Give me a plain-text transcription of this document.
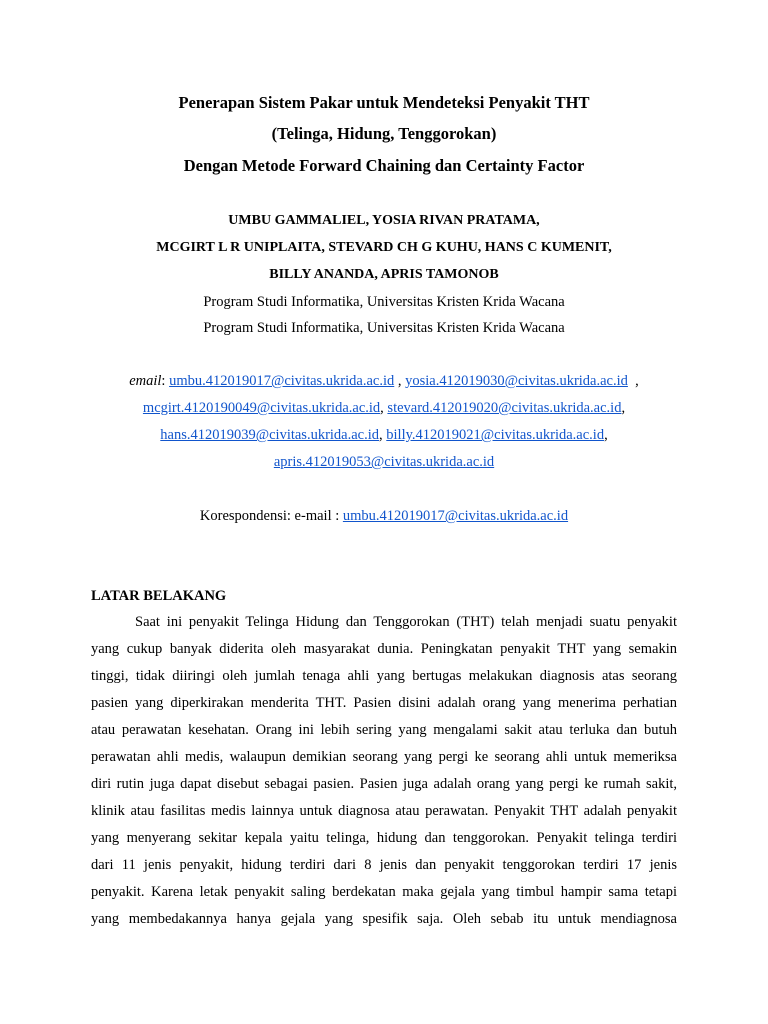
Penerapan Sistem Pakar untuk Mendeteksi Penyakit THT
(Telinga, Hidung, Tenggorokan)
Dengan Metode Forward Chaining dan Certainty Factor
UMBU GAMMALIEL, YOSIA RIVAN PRATAMA,
MCGIRT L R UNIPLAITA, STEVARD CH G KUHU, HANS C KUMENIT,
BILLY ANANDA, APRIS TAMONOB
Program Studi Informatika, Universitas Kristen Krida Wacana
Program Studi Informatika, Universitas Kristen Krida Wacana
email: umbu.412019017@civitas.ukrida.ac.id , yosia.412019030@civitas.ukrida.ac.id  ,
mcgirt.4120190049@civitas.ukrida.ac.id, stevard.412019020@civitas.ukrida.ac.id,
hans.412019039@civitas.ukrida.ac.id, billy.412019021@civitas.ukrida.ac.id,
apris.412019053@civitas.ukrida.ac.id
Korespondensi: e-mail : umbu.412019017@civitas.ukrida.ac.id
LATAR BELAKANG
Saat ini penyakit Telinga Hidung dan Tenggorokan (THT) telah menjadi suatu penyakit
yang cukup banyak diderita oleh masyarakat dunia. Peningkatan penyakit THT yang semakin
tinggi, tidak diiringi oleh jumlah tenaga ahli yang bertugas melakukan diagnosis atas seorang
pasien yang diperkirakan menderita THT. Pasien disini adalah orang yang menerima perhatian
atau perawatan kesehatan. Orang ini lebih sering yang mengalami sakit atau terluka dan butuh
perawatan ahli medis, walaupun demikian seorang yang pergi ke seorang ahli untuk memeriksa
diri rutin juga dapat disebut sebagai pasien. Pasien juga adalah orang yang pergi ke rumah sakit,
klinik atau fasilitas medis lainnya untuk diagnosa atau perawatan. Penyakit THT adalah penyakit
yang menyerang sekitar kepala yaitu telinga, hidung dan tenggorokan. Penyakit telinga terdiri
dari 11 jenis penyakit, hidung terdiri dari 8 jenis dan penyakit tenggorokan terdiri 17 jenis
penyakit. Karena letak penyakit saling berdekatan maka gejala yang timbul hampir sama tetapi
yang membedakannya hanya gejala yang spesifik saja. Oleh sebab itu untuk mendiagnosa
